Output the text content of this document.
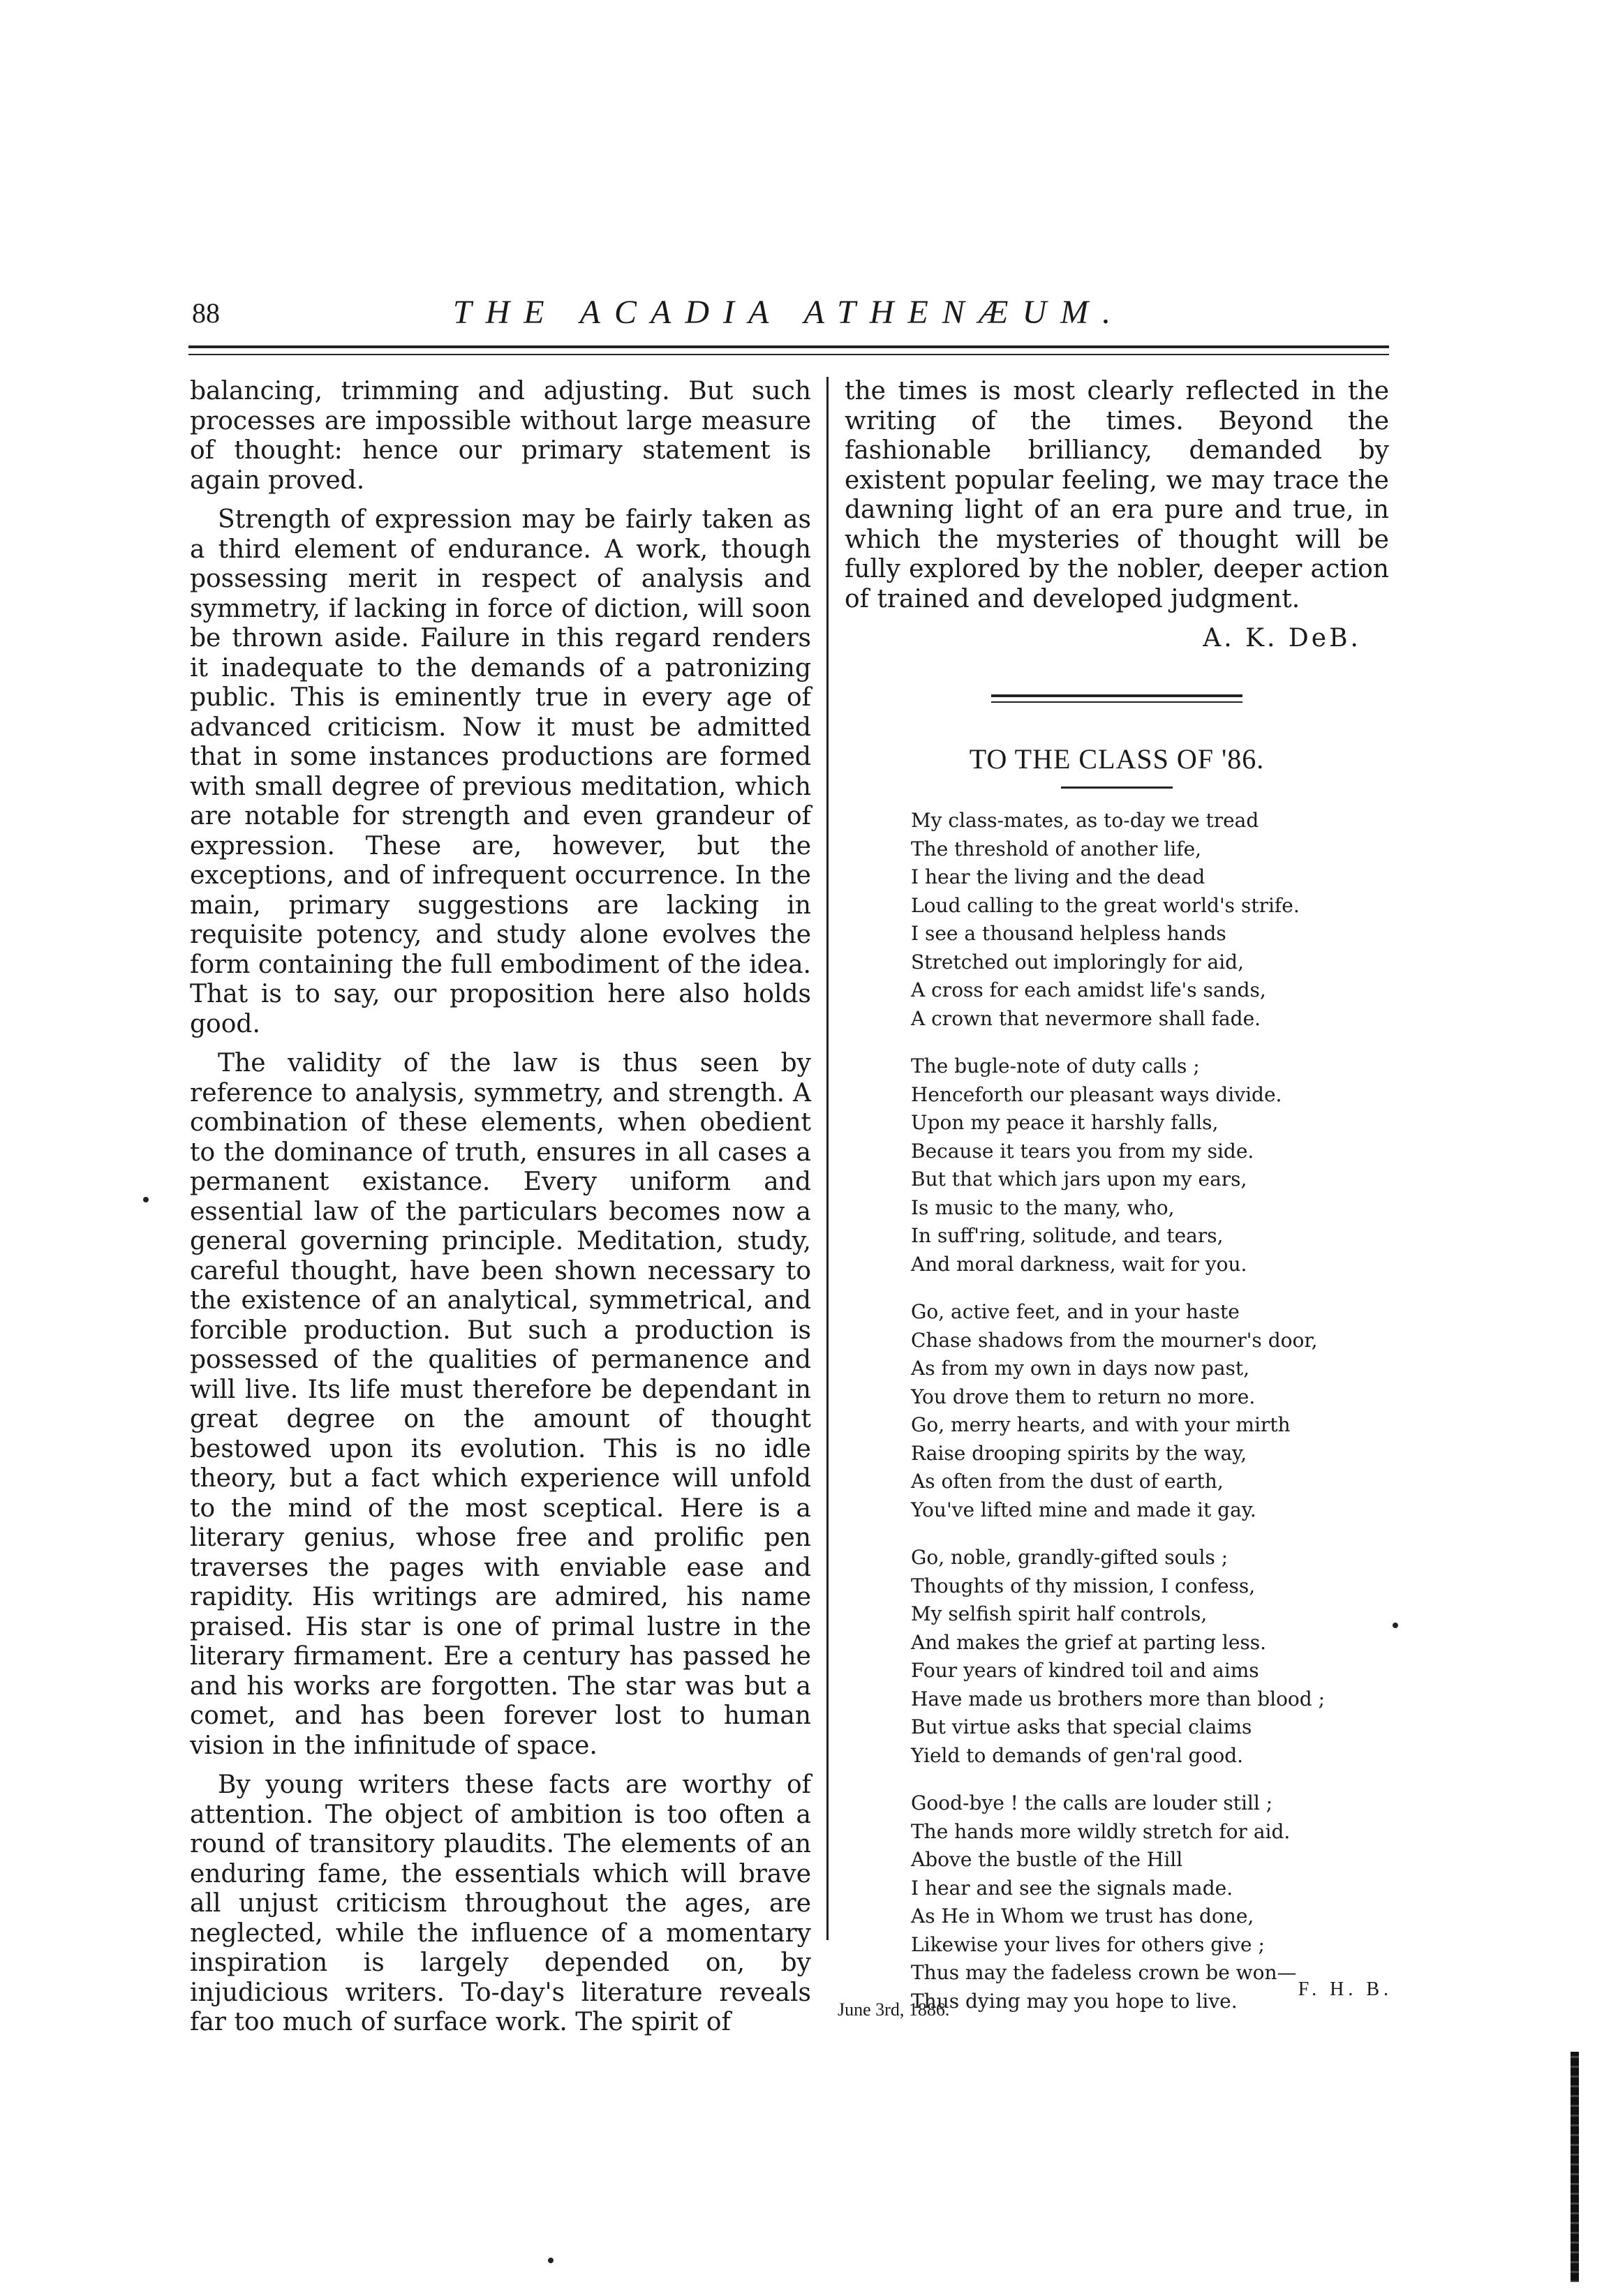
88	THE ACADIA ATHENÆUM.

balancing, trimming and adjusting. But such processes are impossible without large measure of thought: hence our primary statement is again proved.

Strength of expression may be fairly taken as a third element of endurance. A work, though possessing merit in respect of analysis and symmetry, if lacking in force of diction, will soon be thrown aside. Failure in this regard renders it inadequate to the demands of a patronizing public. This is eminently true in every age of advanced criticism. Now it must be admitted that in some instances productions are formed with small degree of previous meditation, which are notable for strength and even grandeur of expression. These are, however, but the exceptions, and of infrequent occurrence. In the main, primary suggestions are lacking in requisite potency, and study alone evolves the form containing the full embodiment of the idea. That is to say, our proposition here also holds good.

The validity of the law is thus seen by reference to analysis, symmetry, and strength. A combination of these elements, when obedient to the dominance of truth, ensures in all cases a permanent existance. Every uniform and essential law of the particulars becomes now a general governing principle. Meditation, study, careful thought, have been shown necessary to the existence of an analytical, symmetrical, and forcible production. But such a production is possessed of the qualities of permanence and will live. Its life must therefore be dependant in great degree on the amount of thought bestowed upon its evolution. This is no idle theory, but a fact which experience will unfold to the mind of the most sceptical. Here is a literary genius, whose free and prolific pen traverses the pages with enviable ease and rapidity. His writings are admired, his name praised. His star is one of primal lustre in the literary firmament. Ere a century has passed he and his works are forgotten. The star was but a comet, and has been forever lost to human vision in the infinitude of space.

By young writers these facts are worthy of attention. The object of ambition is too often a round of transitory plaudits. The elements of an enduring fame, the essentials which will brave all unjust criticism throughout the ages, are neglected, while the influence of a momentary inspiration is largely depended on, by injudicious writers. To-day's literature reveals far too much of surface work. The spirit of

the times is most clearly reflected in the writing of the times. Beyond the fashionable brilliancy, demanded by existent popular feeling, we may trace the dawning light of an era pure and true, in which the mysteries of thought will be fully explored by the nobler, deeper action of trained and developed judgment.

A. K. DeB.
TO THE CLASS OF '86.
My class-mates, as to-day we tread
The threshold of another life,
I hear the living and the dead
Loud calling to the great world's strife.
I see a thousand helpless hands
Stretched out imploringly for aid,
A cross for each amidst life's sands,
A crown that nevermore shall fade.
The bugle-note of duty calls ;
Henceforth our pleasant ways divide.
Upon my peace it harshly falls,
Because it tears you from my side.
But that which jars upon my ears,
Is music to the many, who,
In suff'ring, solitude, and tears,
And moral darkness, wait for you.
Go, active feet, and in your haste
Chase shadows from the mourner's door,
As from my own in days now past,
You drove them to return no more.
Go, merry hearts, and with your mirth
Raise drooping spirits by the way,
As often from the dust of earth,
You've lifted mine and made it gay.
Go, noble, grandly-gifted souls ;
Thoughts of thy mission, I confess,
My selfish spirit half controls,
And makes the grief at parting less.
Four years of kindred toil and aims
Have made us brothers more than blood ;
But virtue asks that special claims
Yield to demands of gen'ral good.
Good-bye ! the calls are louder still ;
The hands more wildly stretch for aid.
Above the bustle of the Hill
I hear and see the signals made.
As He in Whom we trust has done,
Likewise your lives for others give ;
Thus may the fadeless crown be won—
Thus dying may you hope to live.
June 3rd, 1886.
F. H. B.
